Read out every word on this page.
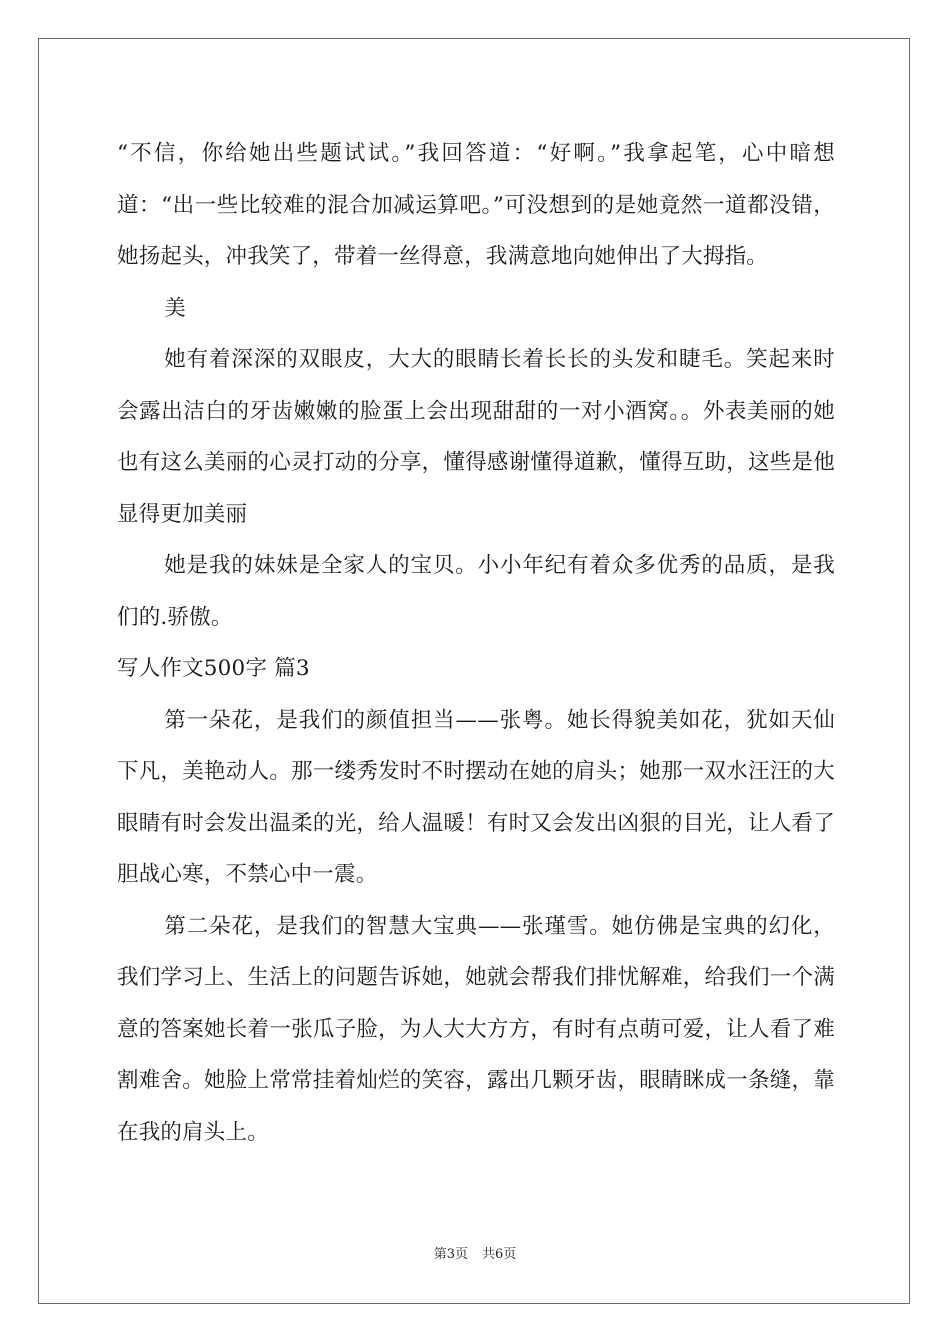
“不信，你给她出些题试试。”我回答道：“好啊。”我拿起笔，心中暗想道：“出一些比较难的混合加减运算吧。”可没想到的是她竟然一道都没错，她扬起头，冲我笑了，带着一丝得意，我满意地向她伸出了大拇指。

美

她有着深深的双眼皮，大大的眼睛长着长长的头发和睫毛。笑起来时会露出洁白的牙齿嫩嫩的脸蛋上会出现甜甜的一对小酒窝。。外表美丽的她也有这么美丽的心灵打动的分享，懂得感谢懂得道歉，懂得互助，这些是他显得更加美丽

她是我的妹妹是全家人的宝贝。小小年纪有着众多优秀的品质，是我们的.骄傲。

写人作文500字 篇3

第一朵花，是我们的颜值担当——张粤。她长得貌美如花，犹如天仙下凡，美艳动人。那一缕秀发时不时摆动在她的肩头；她那一双水汪汪的大眼睛有时会发出温柔的光，给人温暖！有时又会发出凶狠的目光，让人看了胆战心寒，不禁心中一震。

第二朵花，是我们的智慧大宝典——张瑾雪。她仿佛是宝典的幻化，我们学习上、生活上的问题告诉她，她就会帮我们排忧解难，给我们一个满意的答案她长着一张瓜子脸，为人大大方方，有时有点萌可爱，让人看了难割难舍。她脸上常常挂着灿烂的笑容，露出几颗牙齿，眼睛眯成一条缝，靠在我的肩头上。

第3页 共6页
